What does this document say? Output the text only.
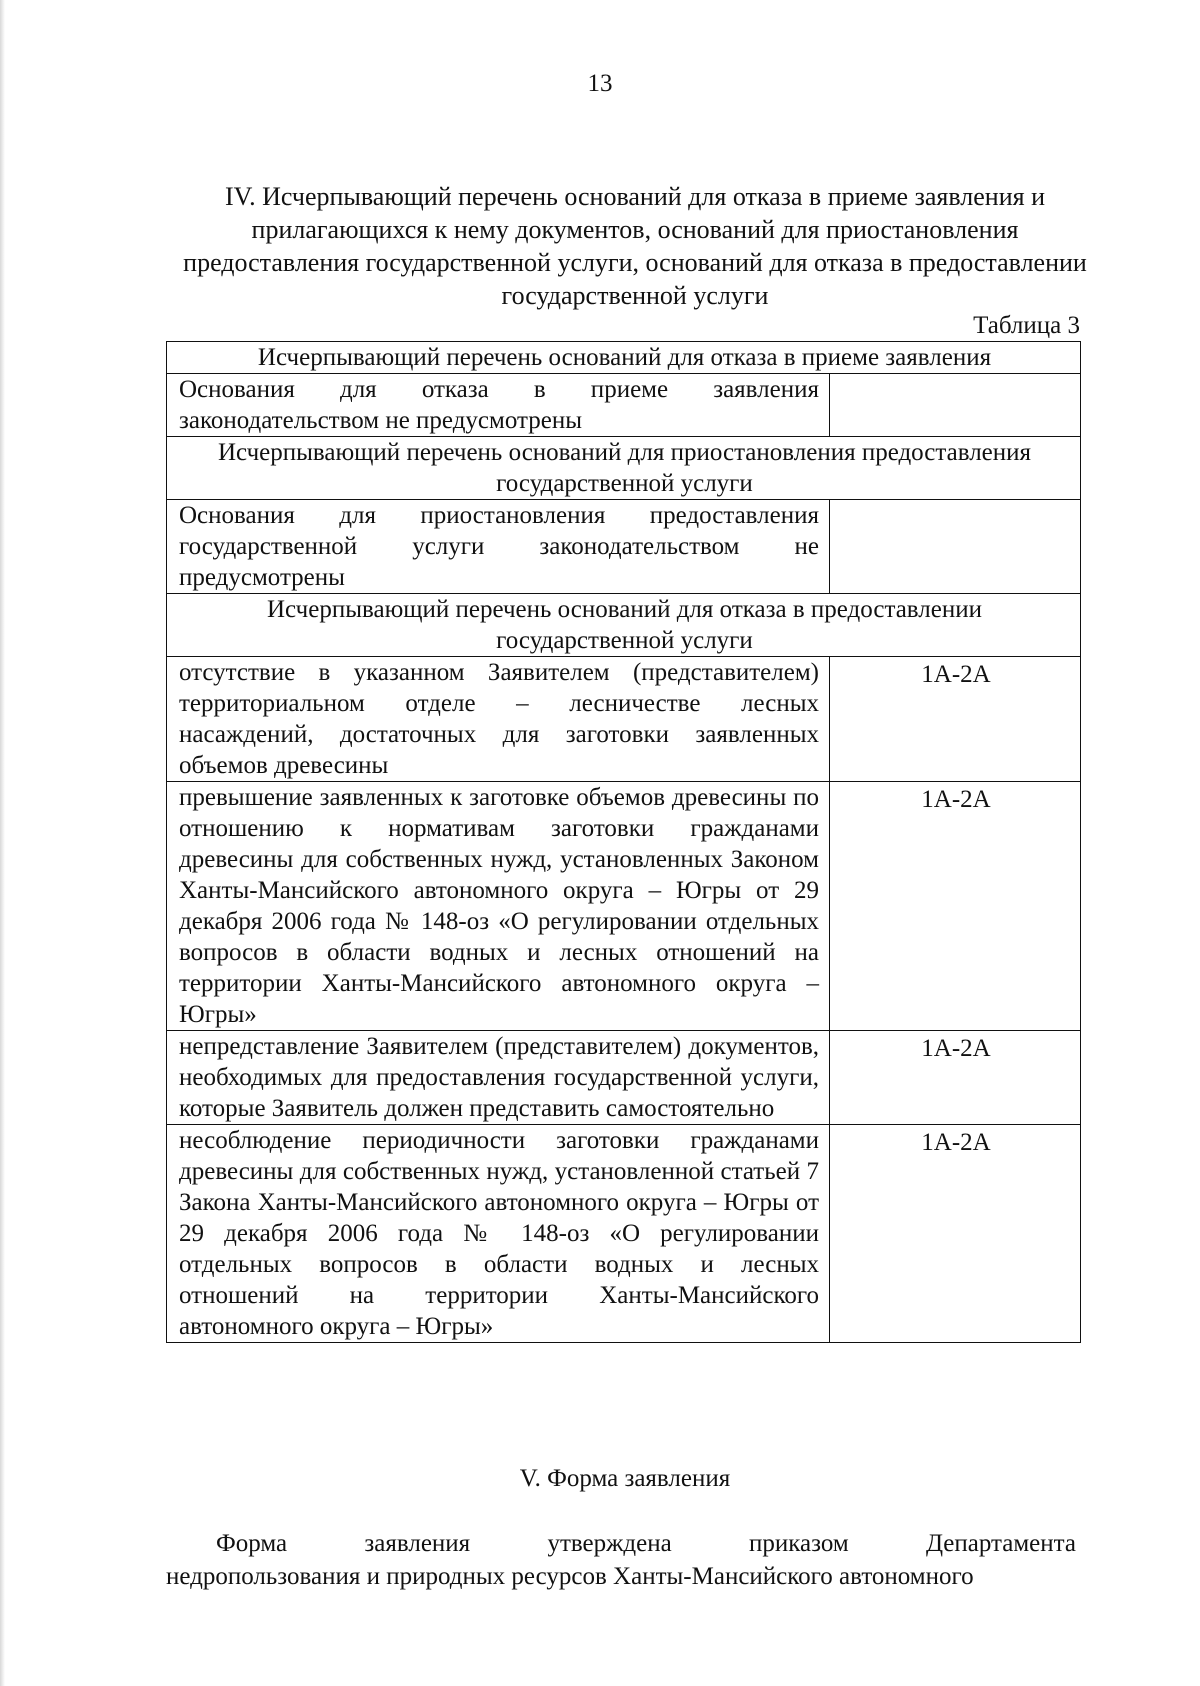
13
IV. Исчерпывающий перечень оснований для отказа в приеме заявления и прилагающихся к нему документов, оснований для приостановления предоставления государственной услуги, оснований для отказа в предоставлении государственной услуги
Таблица 3
Исчерпывающий перечень оснований для отказа в приеме заявления	
Основания для отказа в приеме заявления законодательством не предусмотрены	
Исчерпывающий перечень оснований для приостановления предоставления государственной услуги	
Основания для приостановления предоставления государственной услуги законодательством не предусмотрены	
Исчерпывающий перечень оснований для отказа в предоставлении государственной услуги	
отсутствие в указанном Заявителем (представителем) территориальном отделе – лесничестве лесных насаждений, достаточных для заготовки заявленных объемов древесины	1А-2А
превышение заявленных к заготовке объемов древесины по отношению к нормативам заготовки гражданами древесины для собственных нужд, установленных Законом Ханты-Мансийского автономного округа – Югры от 29 декабря 2006 года № 148-оз «О регулировании отдельных вопросов в области водных и лесных отношений на территории Ханты-Мансийского автономного округа – Югры»	1А-2А
непредставление Заявителем (представителем) документов, необходимых для предоставления государственной услуги, которые Заявитель должен представить самостоятельно	1А-2А
несоблюдение периодичности заготовки гражданами древесины для собственных нужд, установленной статьей 7 Закона Ханты-Мансийского автономного округа – Югры от 29 декабря 2006 года № 148-оз «О регулировании отдельных вопросов в области водных и лесных отношений на территории Ханты-Мансийского автономного округа – Югры»	1А-2А
V. Форма заявления
Форма заявления утверждена приказом Департамента
недропользования и природных ресурсов Ханты-Мансийского автономного
